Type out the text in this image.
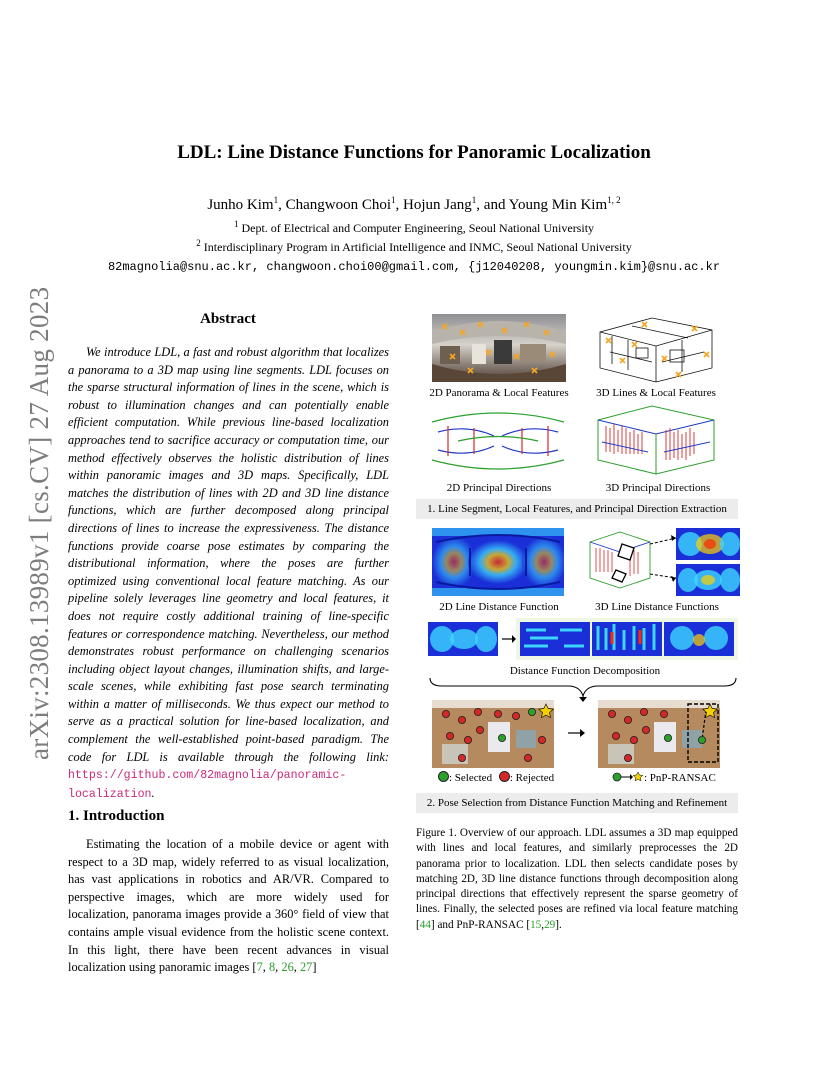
arXiv:2308.13989v1 [cs.CV] 27 Aug 2023
LDL: Line Distance Functions for Panoramic Localization
Junho Kim$^1$, Changwoon Choi$^1$, Hojun Jang$^1$, and Young Min Kim$^{1, 2}$
$^1$ Dept. of Electrical and Computer Engineering, Seoul National University
$^2$ Interdisciplinary Program in Artificial Intelligence and INMC, Seoul National University
82magnolia@snu.ac.kr, changwoon.choi00@gmail.com, {j12040208, youngmin.kim}@snu.ac.kr
Abstract
We introduce LDL, a fast and robust algorithm that localizes a panorama to a 3D map using line segments. LDL focuses on the sparse structural information of lines in the scene, which is robust to illumination changes and can potentially enable efficient computation. While previous line-based localization approaches tend to sacrifice accuracy or computation time, our method effectively observes the holistic distribution of lines within panoramic images and 3D maps. Specifically, LDL matches the distribution of lines with 2D and 3D line distance functions, which are further decomposed along principal directions of lines to increase the expressiveness. The distance functions provide coarse pose estimates by comparing the distributional information, where the poses are further optimized using conventional local feature matching. As our pipeline solely leverages line geometry and local features, it does not require costly additional training of line-specific features or correspondence matching. Nevertheless, our method demonstrates robust performance on challenging scenarios including object layout changes, illumination shifts, and large-scale scenes, while exhibiting fast pose search terminating within a matter of milliseconds. We thus expect our method to serve as a practical solution for line-based localization, and complement the well-established point-based paradigm. The code for LDL is available through the following link: https://github.com/82magnolia/panoramic-localization.
1. Introduction
Estimating the location of a mobile device or agent with respect to a 3D map, widely referred to as visual localization, has vast applications in robotics and AR/VR. Compared to perspective images, which are more widely used for localization, panorama images provide a 360° field of view that contains ample visual evidence from the holistic scene context. In this light, there have been recent advances in visual localization using panoramic images [7, 8, 26, 27]
2D Panorama & Local Features	3D Lines & Local Features
2D Principal Directions	3D Principal Directions
1. Line Segment, Local Features, and Principal Direction Extraction
2D Line Distance Function	3D Line Distance Functions
Distance Function Decomposition
: Selected : Rejected	: PnP-RANSAC
2. Pose Selection from Distance Function Matching and Refinement
Figure 1. Overview of our approach. LDL assumes a 3D map equipped with lines and local features, and similarly preprocesses the 2D panorama prior to localization. LDL then selects candidate poses by matching 2D, 3D line distance functions through decomposition along principal directions that effectively represent the sparse geometry of lines. Finally, the selected poses are refined via local feature matching [44] and PnP-RANSAC [15,29].
